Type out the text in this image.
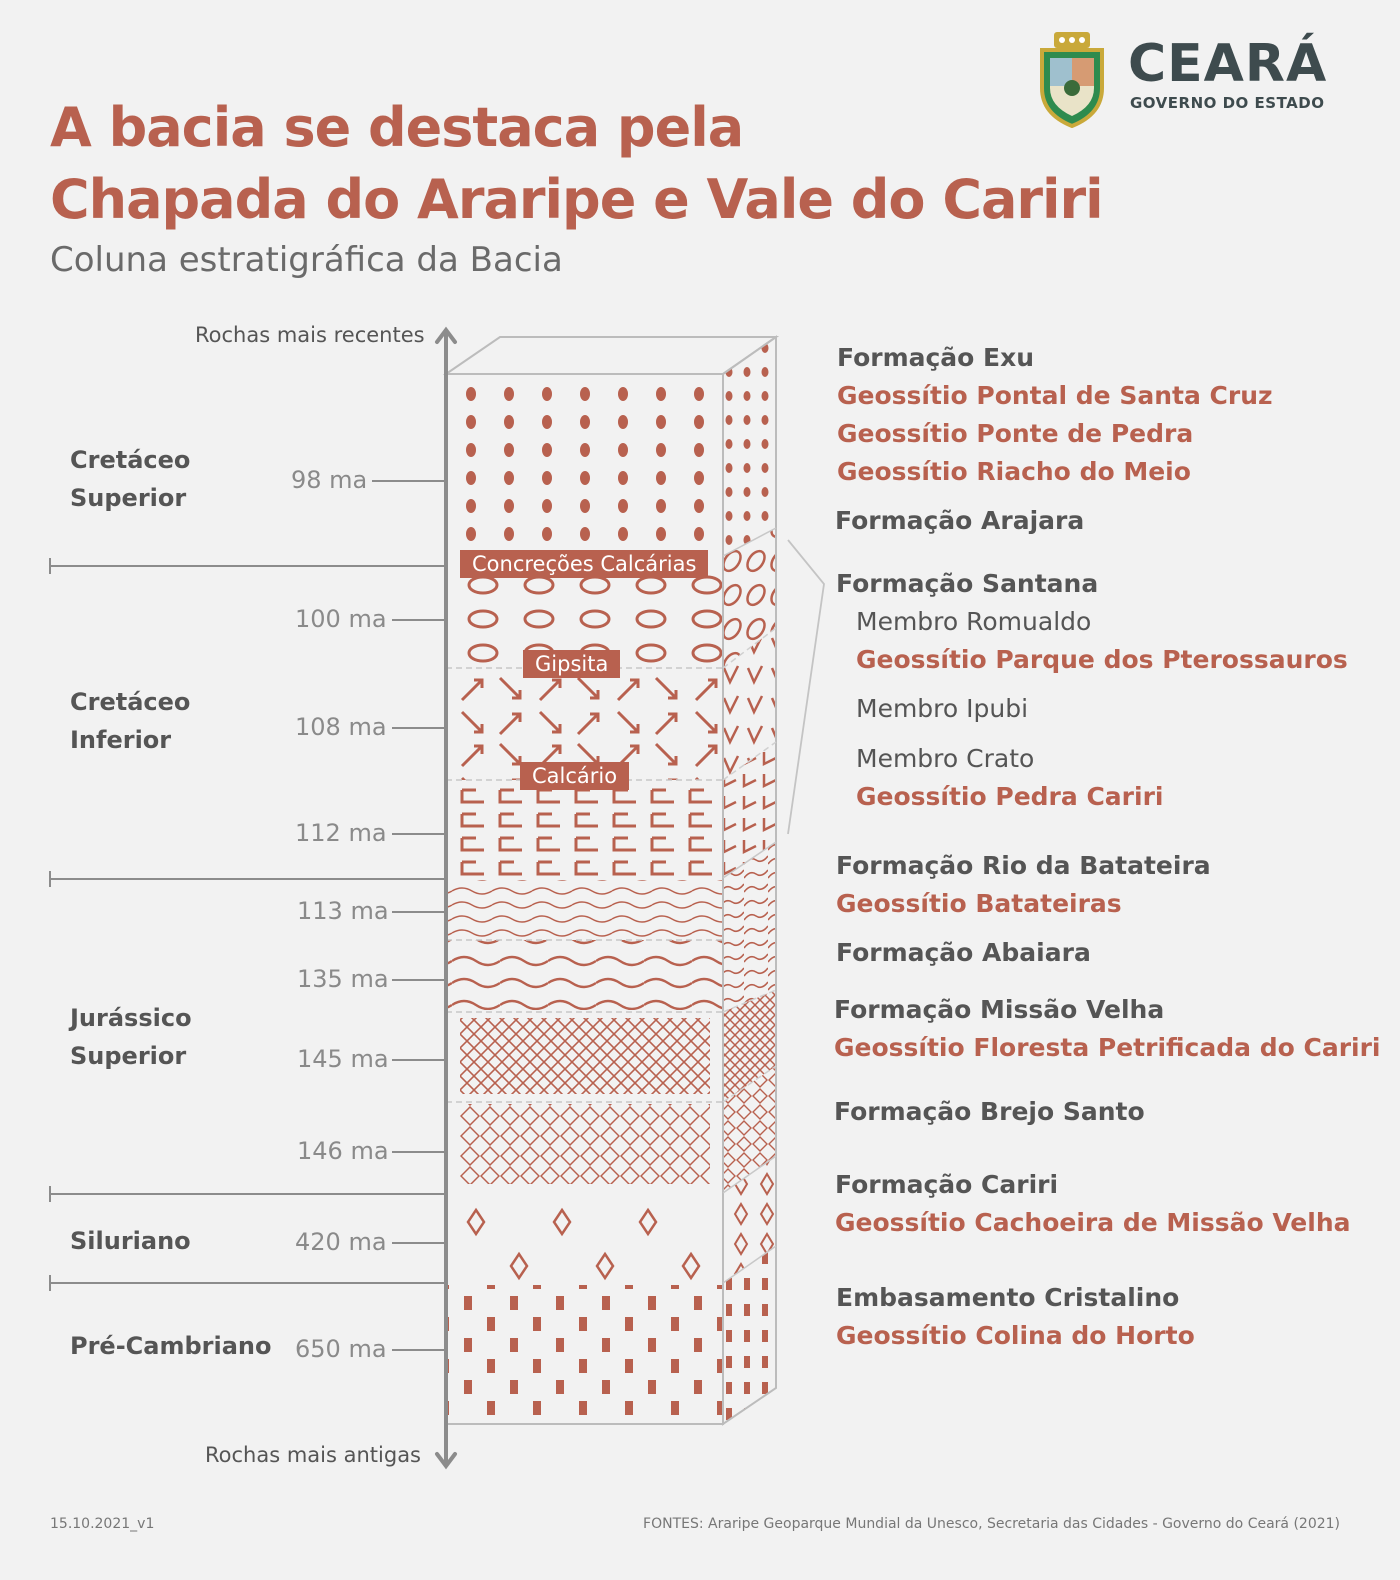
A bacia se destaca pela
Chapada do Araripe e Vale do Cariri
Coluna estratigráfica da Bacia
CEARÁ
GOVERNO DO ESTADO
Rochas mais recentes
Rochas mais antigas
Cretáceo Superior
Cretáceo Inferior
Jurássico Superior
Siluriano
Pré-Cambriano
98 ma
100 ma
108 ma
112 ma
113 ma
135 ma
145 ma
146 ma
420 ma
650 ma
Concreções Calcárias
Gipsita
Calcário
Formação Exu
Geossítio Pontal de Santa Cruz
Geossítio Ponte de Pedra
Geossítio Riacho do Meio
Formação Arajara
Formação Santana
Membro Romualdo
Geossítio Parque dos Pterossauros
Membro Ipubi
Membro Crato
Geossítio Pedra Cariri
Formação Rio da Batateira
Geossítio Batateiras
Formação Abaiara
Formação Missão Velha
Geossítio Floresta Petrificada do Cariri
Formação Brejo Santo
Formação Cariri
Geossítio Cachoeira de Missão Velha
Embasamento Cristalino
Geossítio Colina do Horto
15.10.2021_v1	FONTES: Araripe Geoparque Mundial da Unesco, Secretaria das Cidades - Governo do Ceará (2021)
